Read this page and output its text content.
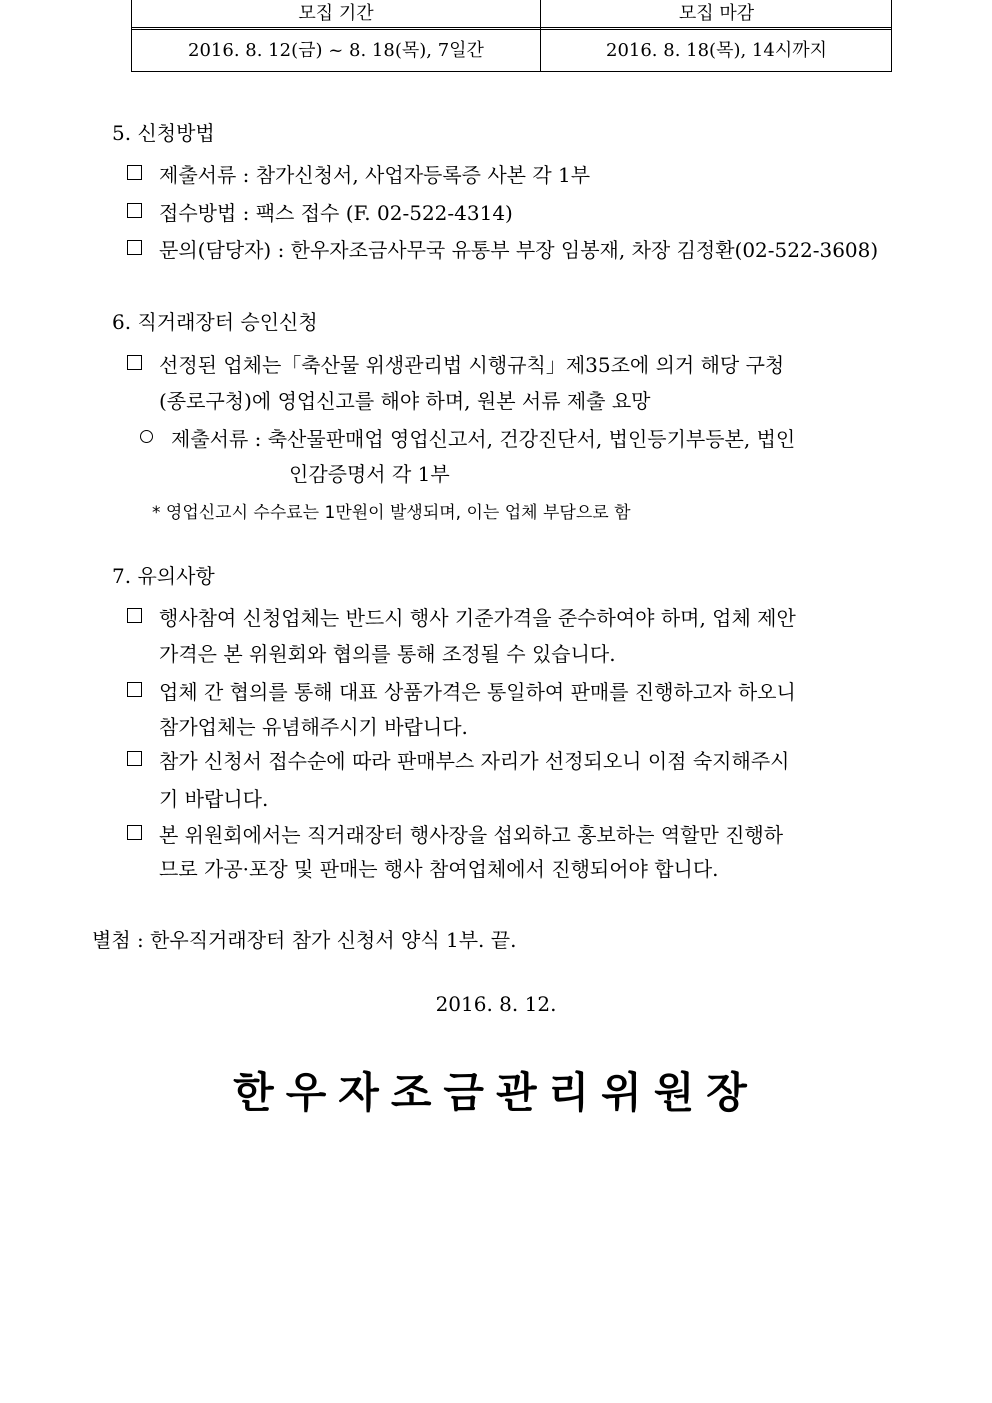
모집 기간	모집 마감
2016. 8. 12(금) ~ 8. 18(목), 7일간	2016. 8. 18(목), 14시까지
5. 신청방법
제출서류 : 참가신청서, 사업자등록증 사본 각 1부
접수방법 : 팩스 접수 (F. 02-522-4314)
문의(담당자) : 한우자조금사무국 유통부 부장 임봉재, 차장 김정환(02-522-3608)
6. 직거래장터 승인신청
선정된 업체는「축산물 위생관리법 시행규칙」제35조에 의거 해당 구청
(종로구청)에 영업신고를 해야 하며, 원본 서류 제출 요망
제출서류 : 축산물판매업 영업신고서, 건강진단서, 법인등기부등본, 법인
인감증명서 각 1부
* 영업신고시 수수료는 1만원이 발생되며, 이는 업체 부담으로 함
7. 유의사항
행사참여 신청업체는 반드시 행사 기준가격을 준수하여야 하며, 업체 제안
가격은 본 위원회와 협의를 통해 조정될 수 있습니다.
업체 간 협의를 통해 대표 상품가격은 통일하여 판매를 진행하고자 하오니
참가업체는 유념해주시기 바랍니다.
참가 신청서 접수순에 따라 판매부스 자리가 선정되오니 이점 숙지해주시
기 바랍니다.
본 위원회에서는 직거래장터 행사장을 섭외하고 홍보하는 역할만 진행하
므로 가공·포장 및 판매는 행사 참여업체에서 진행되어야 합니다.
별첨 : 한우직거래장터 참가 신청서 양식 1부. 끝.
2016. 8. 12.
한우자조금관리위원장
